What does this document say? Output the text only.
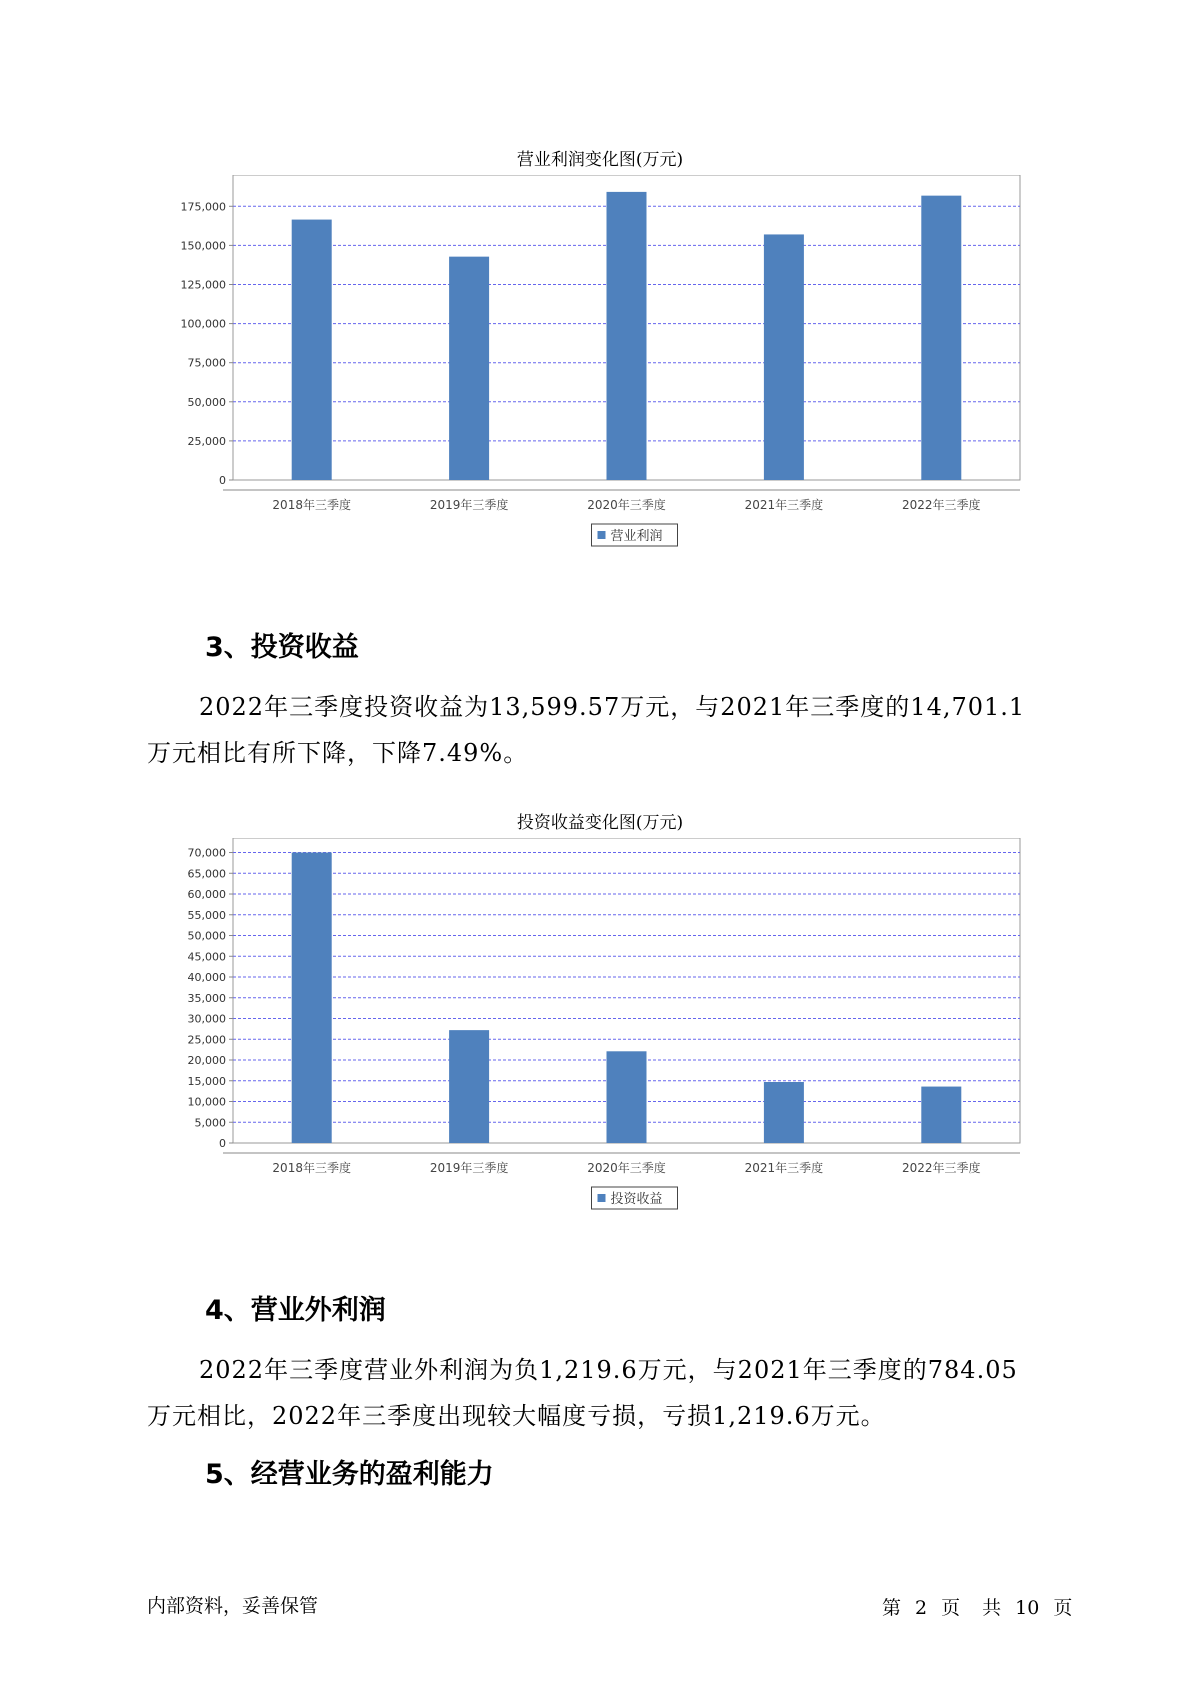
营业利润变化图(万元)
0
25,000
50,000
75,000
100,000
125,000
150,000
175,000
2018年三季度	2019年三季度	2020年三季度	2021年三季度	2022年三季度
营业利润
3、投资收益
2022年三季度投资收益为13,599.57万元，与2021年三季度的14,701.1
万元相比有所下降，下降7.49%。
投资收益变化图(万元)
0
5,000
10,000
15,000
20,000
25,000
30,000
35,000
40,000
45,000
50,000
55,000
60,000
65,000
70,000
2018年三季度	2019年三季度	2020年三季度	2021年三季度	2022年三季度
投资收益
4、营业外利润
2022年三季度营业外利润为负1,219.6万元，与2021年三季度的784.05
万元相比，2022年三季度出现较大幅度亏损，亏损1,219.6万元。
5、经营业务的盈利能力
内部资料，妥善保管	第 2 页 共 10 页
